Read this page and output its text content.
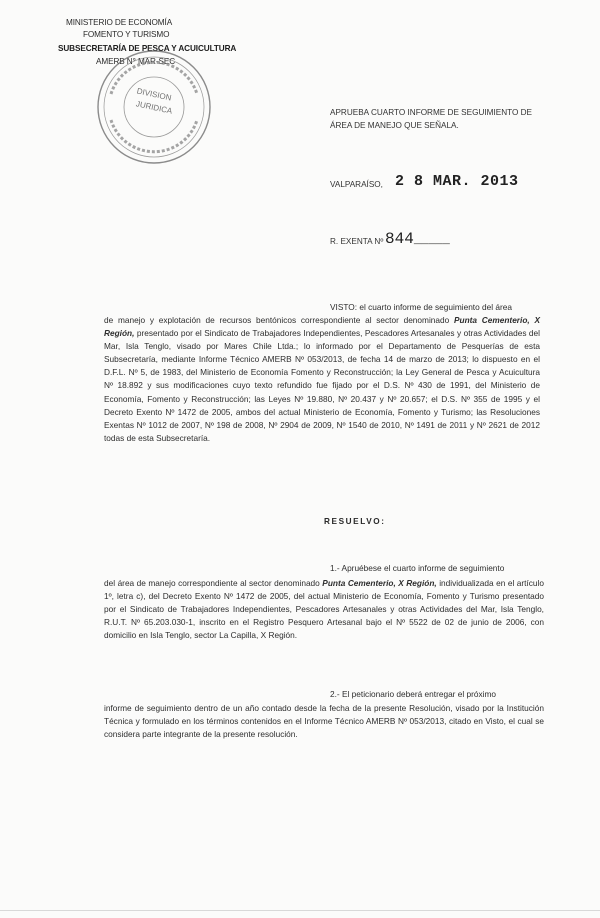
MINISTERIO DE ECONOMÍA
FOMENTO Y TURISMO
SUBSECRETARÍA DE PESCA Y ACUICULTURA
AMERB N° MAR-SEC
DIVISION
JURIDICA	APRUEBA CUARTO INFORME DE SEGUIMIENTO DE
ÁREA DE MANEJO QUE SEÑALA.
VALPARAÍSO, 2 8 MAR. 2013
R. EXENTA Nº 844_____
VISTO: el cuarto informe de seguimiento del área
de manejo y explotación de recursos bentónicos correspondiente al sector denominado Punta Cementerio, X Región, presentado por el Sindicato de Trabajadores Independientes, Pescadores Artesanales y otras Actividades del Mar, Isla Tenglo, visado por Mares Chile Ltda.; lo informado por el Departamento de Pesquerías de esta Subsecretaría, mediante Informe Técnico AMERB Nº 053/2013, de fecha 14 de marzo de 2013; lo dispuesto en el D.F.L. Nº 5, de 1983, del Ministerio de Economía Fomento y Reconstrucción; la Ley General de Pesca y Acuicultura Nº 18.892 y sus modificaciones cuyo texto refundido fue fijado por el D.S. Nº 430 de 1991, del Ministerio de Economía, Fomento y Reconstrucción; las Leyes Nº 19.880, Nº 20.437 y Nº 20.657; el D.S. Nº 355 de 1995 y el Decreto Exento Nº 1472 de 2005, ambos del actual Ministerio de Economía, Fomento y Turismo; las Resoluciones Exentas Nº 1012 de 2007, Nº 198 de 2008, Nº 2904 de 2009, Nº 1540 de 2010, Nº 1491 de 2011 y Nº 2621 de 2012 todas de esta Subsecretaría.
RESUELVO:
1.- Apruébese el cuarto informe de seguimiento
del área de manejo correspondiente al sector denominado Punta Cementerio, X Región, individualizada en el artículo 1º, letra c), del Decreto Exento Nº 1472 de 2005, del actual Ministerio de Economía, Fomento y Turismo presentado por el Sindicato de Trabajadores Independientes, Pescadores Artesanales y otras Actividades del Mar, Isla Tenglo, R.U.T. Nº 65.203.030-1, inscrito en el Registro Pesquero Artesanal bajo el Nº 5522 de 02 de junio de 2006, con domicilio en Isla Tenglo, sector La Capilla, X Región.
2.- El peticionario deberá entregar el próximo
informe de seguimiento dentro de un año contado desde la fecha de la presente Resolución, visado por la Institución Técnica y formulado en los términos contenidos en el Informe Técnico AMERB Nº 053/2013, citado en Visto, el cual se considera parte integrante de la presente resolución.
